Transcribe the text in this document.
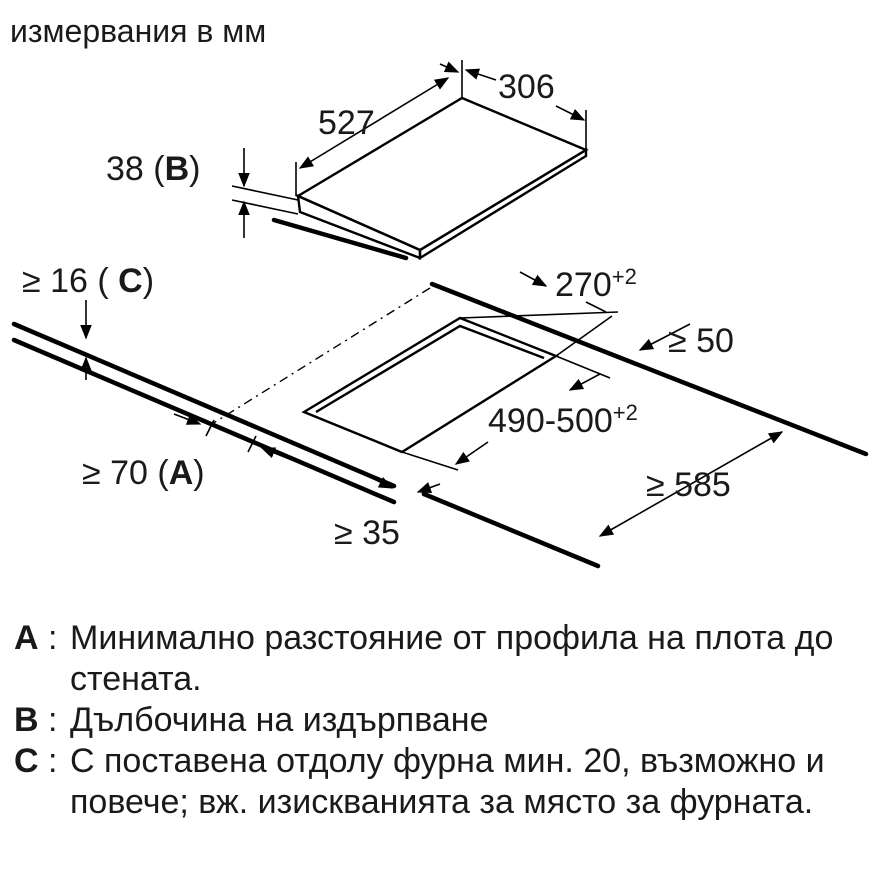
измервания в мм
306
527
38 (B)
$270^{+2}$
≥ 50
$490-500^{+2}$
≥ 585
≥ 16 ( C)
≥ 70 (A)
≥ 35
A : Минимално разстояние от профила на плота до стената.
B : Дълбочина на издърпване
C : С поставена отдолу фурна мин. 20, възможно и повече; вж. изискванията за място за фурната.
